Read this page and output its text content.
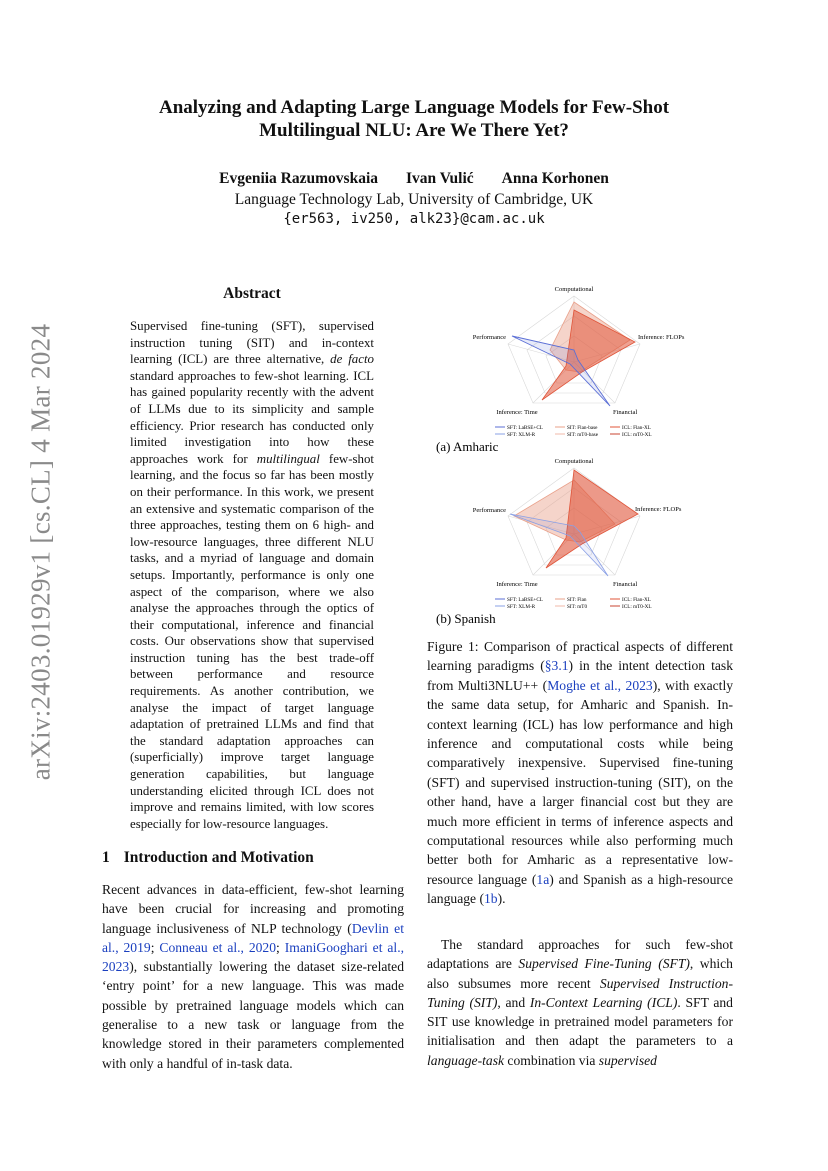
Analyzing and Adapting Large Language Models for Few-Shot
Multilingual NLU: Are We There Yet?
Evgeniia Razumovskaia Ivan Vulić Anna Korhonen
Language Technology Lab, University of Cambridge, UK
{er563, iv250, alk23}@cam.ac.uk
arXiv:2403.01929v1 [cs.CL] 4 Mar 2024
Abstract
Supervised fine-tuning (SFT), supervised instruction tuning (SIT) and in-context learning (ICL) are three alternative, de facto standard approaches to few-shot learning. ICL has gained popularity recently with the advent of LLMs due to its simplicity and sample efficiency. Prior research has conducted only limited investigation into how these approaches work for multilingual few-shot learning, and the focus so far has been mostly on their performance. In this work, we present an extensive and systematic comparison of the three approaches, testing them on 6 high- and low-resource languages, three different NLU tasks, and a myriad of language and domain setups. Importantly, performance is only one aspect of the comparison, where we also analyse the approaches through the optics of their computational, inference and financial costs. Our observations show that supervised instruction tuning has the best trade-off between performance and resource requirements. As another contribution, we analyse the impact of target language adaptation of pretrained LLMs and find that the standard adaptation approaches can (superficially) improve target language generation capabilities, but language understanding elicited through ICL does not improve and remains limited, with low scores especially for low-resource languages.
1 Introduction and Motivation
Recent advances in data-efficient, few-shot learning have been crucial for increasing and promoting language inclusiveness of NLP technology (Devlin et al., 2019; Conneau et al., 2020; ImaniGooghari et al., 2023), substantially lowering the dataset size-related ‘entry point’ for a new language. This was made possible by pretrained language models which can generalise to a new task or language from the knowledge stored in their parameters complemented with only a handful of in-task data.
Computational
Inference: FLOPs
Financial
Inference: Time
Performance
SFT: LaBSE+CL	SIT: Flan-base	ICL: Flan-XL
SFT: XLM-R	SIT: mT0-base	ICL: mT0-XL
(a) Amharic
Computational
Inference: FLOPs
Financial
Inference: Time
Performance
SFT: LaBSE+CL	SIT: Flan	ICL: Flan-XL
SFT: XLM-R	SIT: mT0	ICL: mT0-XL
(b) Spanish
Figure 1: Comparison of practical aspects of different learning paradigms (§3.1) in the intent detection task from Multi3NLU++ (Moghe et al., 2023), with exactly the same data setup, for Amharic and Spanish. In-context learning (ICL) has low performance and high inference and computational costs while being comparatively inexpensive. Supervised fine-tuning (SFT) and supervised instruction-tuning (SIT), on the other hand, have a larger financial cost but they are much more efficient in terms of inference aspects and computational resources while also performing much better both for Amharic as a representative low-resource language (1a) and Spanish as a high-resource language (1b).
The standard approaches for such few-shot adaptations are Supervised Fine-Tuning (SFT), which also subsumes more recent Supervised Instruction-Tuning (SIT), and In-Context Learning (ICL). SFT and SIT use knowledge in pretrained model parameters for initialisation and then adapt the parameters to a language-task combination via supervised
